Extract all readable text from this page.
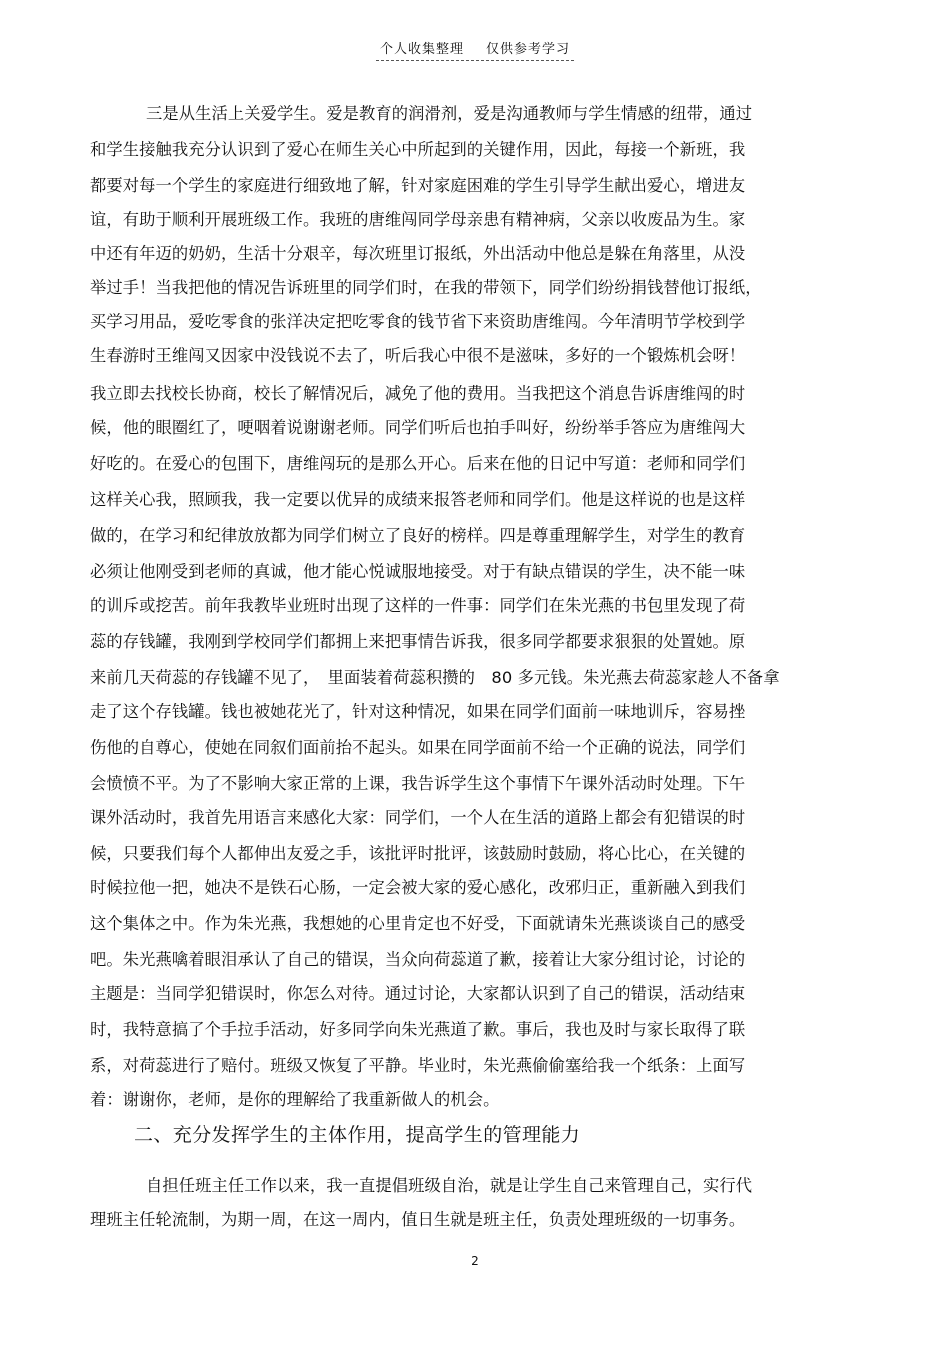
个人收集整理 仅供参考学习
三是从生活上关爱学生。爱是教育的润滑剂，爱是沟通教师与学生情感的纽带，通过
和学生接触我充分认识到了爱心在师生关心中所起到的关键作用，因此，每接一个新班，我
都要对每一个学生的家庭进行细致地了解，针对家庭困难的学生引导学生献出爱心，增进友
谊，有助于顺利开展班级工作。我班的唐维闯同学母亲患有精神病，父亲以收废品为生。家
中还有年迈的奶奶，生活十分艰辛，每次班里订报纸，外出活动中他总是躲在角落里，从没
举过手！当我把他的情况告诉班里的同学们时，在我的带领下，同学们纷纷捐钱替他订报纸，
买学习用品，爱吃零食的张洋决定把吃零食的钱节省下来资助唐维闯。今年清明节学校到学
生春游时王维闯又因家中没钱说不去了，听后我心中很不是滋味，多好的一个锻炼机会呀！
我立即去找校长协商，校长了解情况后，减免了他的费用。当我把这个消息告诉唐维闯的时
候，他的眼圈红了，哽咽着说谢谢老师。同学们听后也拍手叫好，纷纷举手答应为唐维闯大
好吃的。在爱心的包围下，唐维闯玩的是那么开心。后来在他的日记中写道：老师和同学们
这样关心我，照顾我，我一定要以优异的成绩来报答老师和同学们。他是这样说的也是这样
做的，在学习和纪律放放都为同学们树立了良好的榜样。四是尊重理解学生，对学生的教育
必须让他刚受到老师的真诚，他才能心悦诚服地接受。对于有缺点错误的学生，决不能一味
的训斥或挖苦。前年我教毕业班时出现了这样的一件事：同学们在朱光燕的书包里发现了荷
蕊的存钱罐，我刚到学校同学们都拥上来把事情告诉我，很多同学都要求狠狠的处置她。原
来前几天荷蕊的存钱罐不见了，　里面装着荷蕊积攒的　80 多元钱。朱光燕去荷蕊家趁人不备拿
走了这个存钱罐。钱也被她花光了，针对这种情况，如果在同学们面前一味地训斥，容易挫
伤他的自尊心，使她在同叙们面前抬不起头。如果在同学面前不给一个正确的说法，同学们
会愤愤不平。为了不影响大家正常的上课，我告诉学生这个事情下午课外活动时处理。下午
课外活动时，我首先用语言来感化大家：同学们，一个人在生活的道路上都会有犯错误的时
候，只要我们每个人都伸出友爱之手，该批评时批评，该鼓励时鼓励，将心比心，在关键的
时候拉他一把，她决不是铁石心肠，一定会被大家的爱心感化，改邪归正，重新融入到我们
这个集体之中。作为朱光燕，我想她的心里肯定也不好受，下面就请朱光燕谈谈自己的感受
吧。朱光燕噙着眼泪承认了自己的错误，当众向荷蕊道了歉，接着让大家分组讨论，讨论的
主题是：当同学犯错误时，你怎么对待。通过讨论，大家都认识到了自己的错误，活动结束
时，我特意搞了个手拉手活动，好多同学向朱光燕道了歉。事后，我也及时与家长取得了联
系，对荷蕊进行了赔付。班级又恢复了平静。毕业时，朱光燕偷偷塞给我一个纸条：上面写
着：谢谢你，老师，是你的理解给了我重新做人的机会。
二、充分发挥学生的主体作用，提高学生的管理能力
自担任班主任工作以来，我一直提倡班级自治，就是让学生自己来管理自己，实行代
理班主任轮流制，为期一周，在这一周内，值日生就是班主任，负责处理班级的一切事务。
2
